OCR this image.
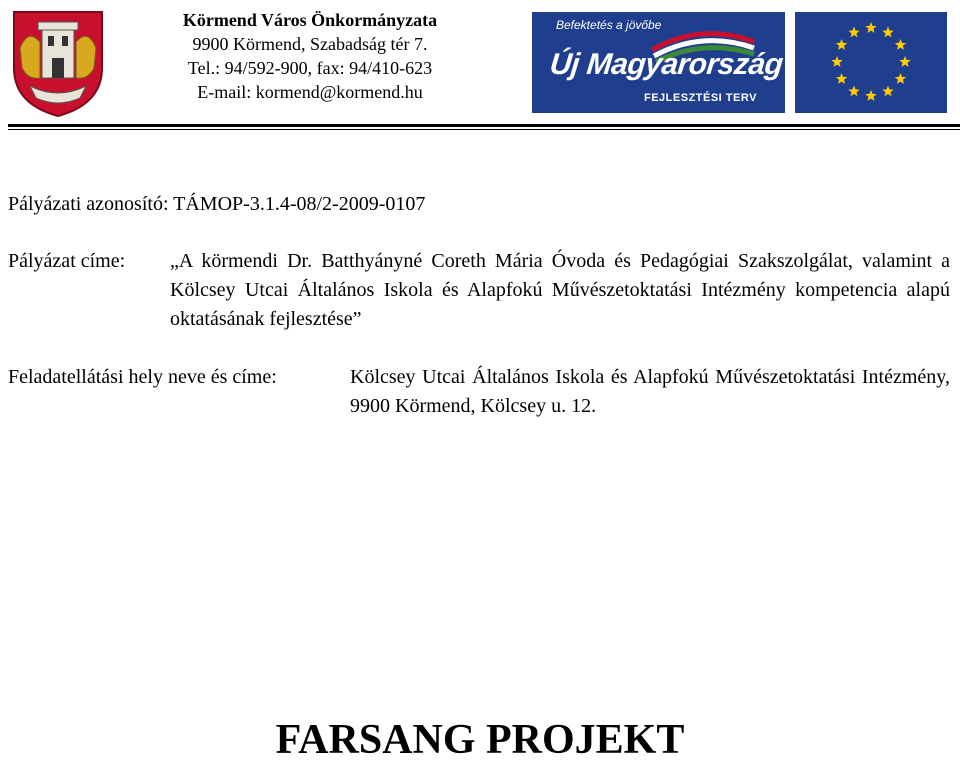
Körmend Város Önkormányzata
9900 Körmend, Szabadság tér 7.
Tel.: 94/592-900, fax: 94/410-623
E-mail: kormend@kormend.hu
Befektetés a jövőbe
Új Magyarország
FEJLESZTÉSI TERV
Pályázati azonosító: TÁMOP-3.1.4-08/2-2009-0107
Pályázat címe: „A körmendi Dr. Batthyányné Coreth Mária Óvoda és Pedagógiai Szakszolgálat, valamint a Kölcsey Utcai Általános Iskola és Alapfokú Művészetoktatási Intézmény kompetencia alapú oktatásának fejlesztése”
Feladatellátási hely neve és címe:	Kölcsey Utcai Általános Iskola és Alapfokú Művészetoktatási Intézmény, 9900 Körmend, Kölcsey u. 12.
FARSANG PROJEKT
